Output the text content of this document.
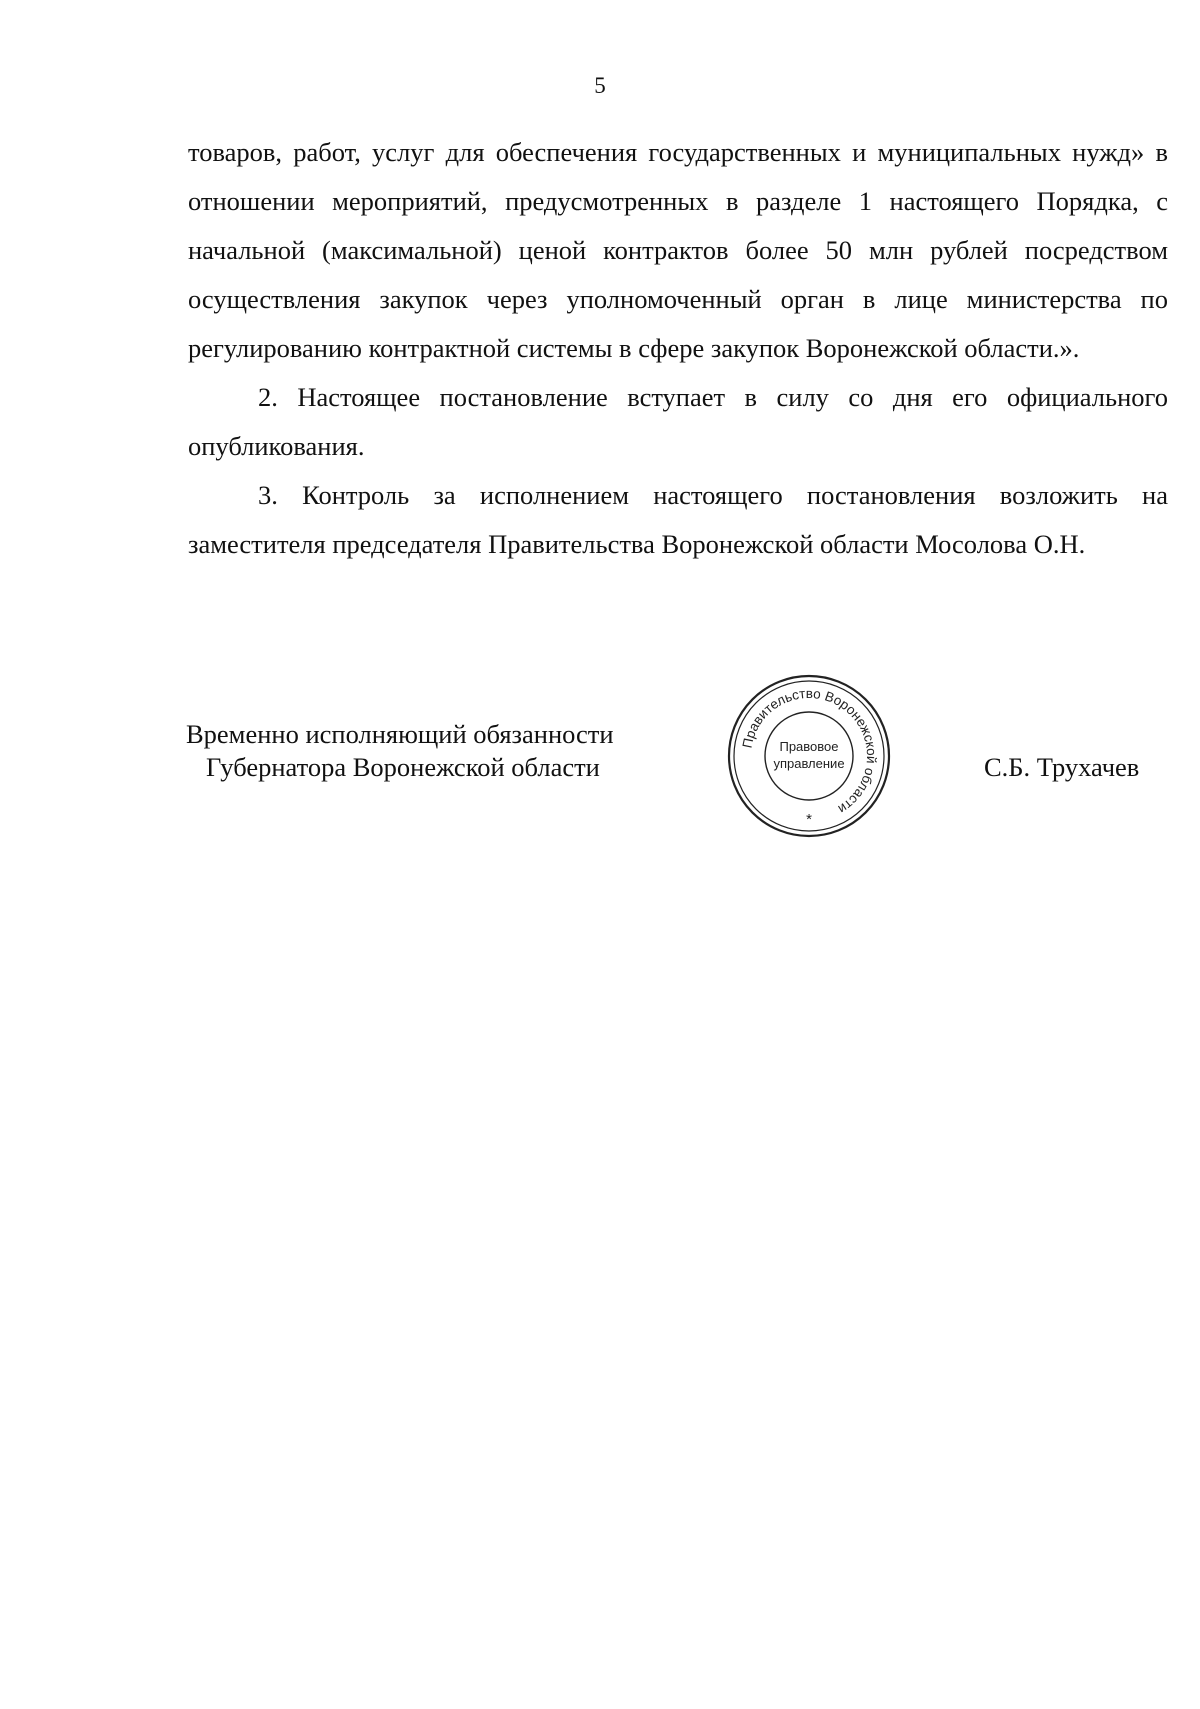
5

товаров, работ, услуг для обеспечения государственных и муниципальных нужд» в отношении мероприятий, предусмотренных в разделе 1 настоящего Порядка, с начальной (максимальной) ценой контрактов более 50 млн рублей посредством осуществления закупок через уполномоченный орган в лице министерства по регулированию контрактной системы в сфере закупок Воронежской области.».

2. Настоящее постановление вступает в силу со дня его официального опубликования.

3. Контроль за исполнением настоящего постановления возложить на заместителя председателя Правительства Воронежской области Мосолова О.Н.

Временно исполняющий обязанности
Губернатора Воронежской области	С.Б. Трухачев
Правительство Воронежской области
Правовое
управление
*
